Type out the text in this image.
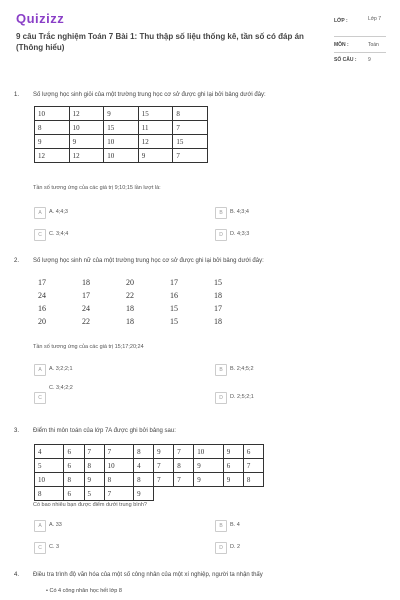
Quizizz
9 câu Trắc nghiệm Toán 7 Bài 1: Thu thập số liệu thống kê, tần số có đáp án (Thông hiểu)
LỚP :	Lớp 7
MÔN :	Toán
SỐ CÂU : 9
1. Số lượng học sinh giỏi của một trường trung học cơ sở được ghi lại bởi bảng dưới đây:
10	12	9	15	8
8	10	15	11	7
9	9	10	12	15
12	12	10	9	7
Tần số tương ứng của các giá trị 9;10;15 lần lượt là:
A	A. 4;4;3	B	B. 4;3;4
C	C. 3;4;4	D	D. 4;3;3
2. Số lượng học sinh nữ của một trường trung học cơ sở được ghi lại bởi bảng dưới đây:
17	18	20	17	15
24	17	22	16	18
16	24	18	15	17
20	22	18	15	18
Tần số tương ứng của các giá trị 15;17;20;24
A	A. 3;2;2;1	B	B. 2;4;5;2
C
C. 3;4;2;2
D	D. 2;5;2;1
3. Điểm thi môn toán của lớp 7A được ghi bởi bảng sau:
4	6	7	7	8	9	7	10	9	6
5	6	8	10	4	7	8	9	6	7
10	8	9	8	8	7	7	9	9	8
8	6	5	7	9					
Có bao nhiêu bạn được điểm dưới trung bình?
A	A. 33	B	B. 4
C	C. 3	D	D. 2
4. Điều tra trình độ văn hóa của một số công nhân của một xí nghiệp, người ta nhận thấy
• Có 4 công nhân học hết lớp 8
